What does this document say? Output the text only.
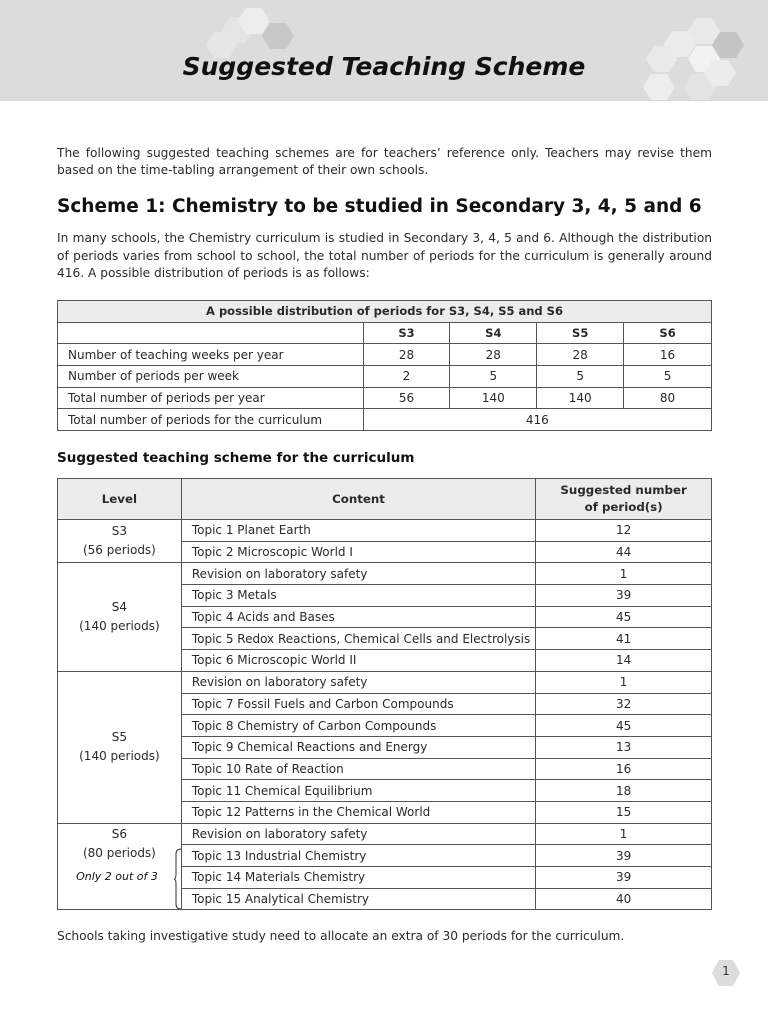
Suggested Teaching Scheme

The following suggested teaching schemes are for teachers’ reference only. Teachers may revise them based on the time-tabling arrangement of their own schools.

Scheme 1: Chemistry to be studied in Secondary 3, 4, 5 and 6

In many schools, the Chemistry curriculum is studied in Secondary 3, 4, 5 and 6. Although the distribution of periods varies from school to school, the total number of periods for the curriculum is generally around 416. A possible distribution of periods is as follows:

A possible distribution of periods for S3, S4, S5 and S6				
	S3	S4	S5	S6
Number of teaching weeks per year	28	28	28	16
Number of periods per week	2	5	5	5
Total number of periods per year	56	140	140	80
Total number of periods for the curriculum	416			
Suggested teaching scheme for the curriculum
Level	Content	Suggested number
of period(s)
S3
(56 periods)	Topic 1 Planet Earth	12
	Topic 2 Microscopic World I	44
S4
(140 periods)	Revision on laboratory safety	1
	Topic 3 Metals	39
	Topic 4 Acids and Bases	45
	Topic 5 Redox Reactions, Chemical Cells and Electrolysis	41
	Topic 6 Microscopic World II	14
S5
(140 periods)	Revision on laboratory safety	1
	Topic 7 Fossil Fuels and Carbon Compounds	32
	Topic 8 Chemistry of Carbon Compounds	45
	Topic 9 Chemical Reactions and Energy	13
	Topic 10 Rate of Reaction	16
	Topic 11 Chemical Equilibrium	18
	Topic 12 Patterns in the Chemical World	15
S6
(80 periods)
Only 2 out of 3	Revision on laboratory safety	1
	Topic 13 Industrial Chemistry	39
	Topic 14 Materials Chemistry	39
	Topic 15 Analytical Chemistry	40

Schools taking investigative study need to allocate an extra of 30 periods for the curriculum.

1
